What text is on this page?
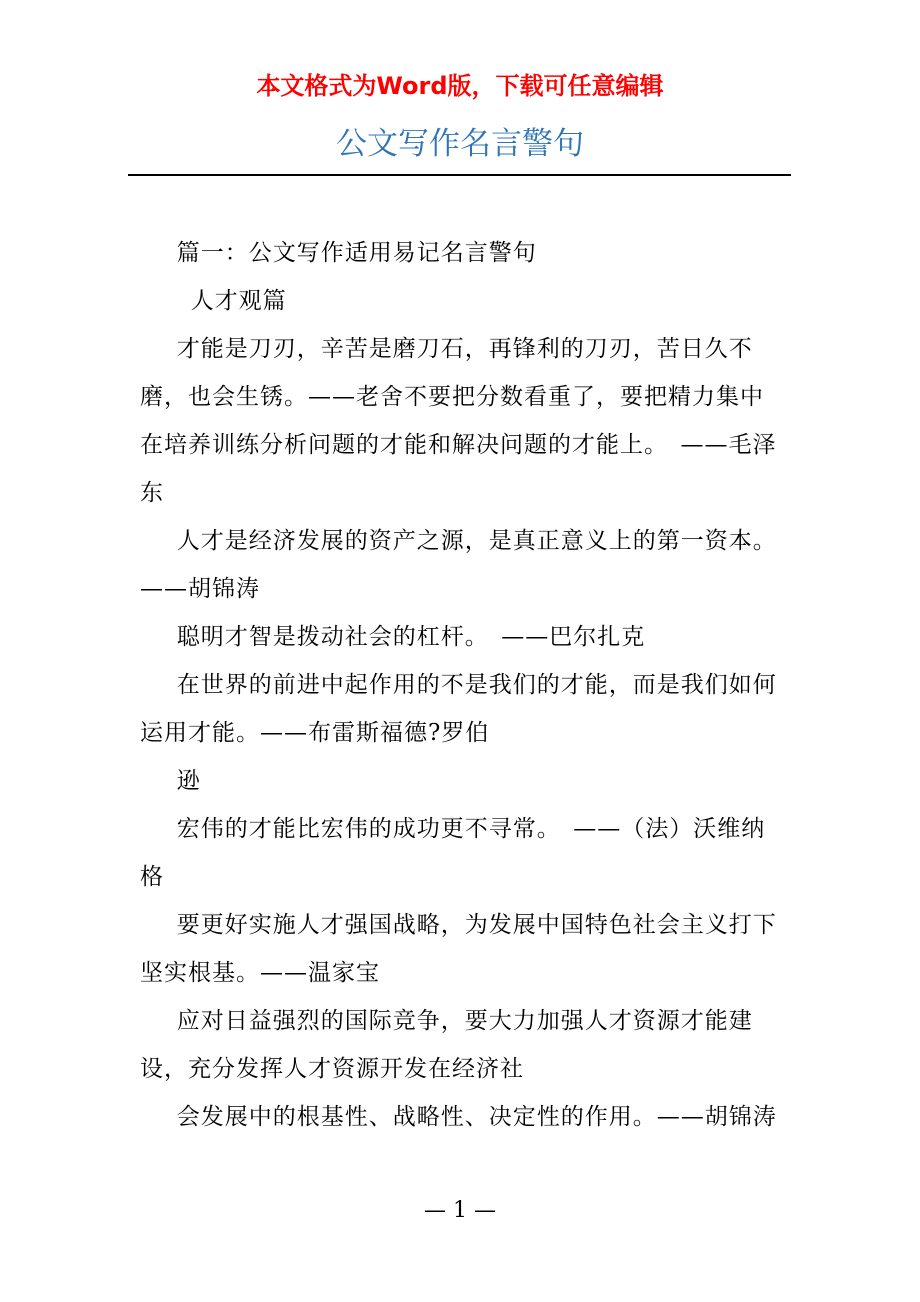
本文格式为Word版，下载可任意编辑
公文写作名言警句

篇一：公文写作适用易记名言警句

人才观篇

才能是刀刃，辛苦是磨刀石，再锋利的刀刃，苦日久不磨，也会生锈。——老舍不要把分数看重了，要把精力集中在培养训练分析问题的才能和解决问题的才能上。　——毛泽东

人才是经济发展的资产之源，是真正意义上的第一资本。——胡锦涛

聪明才智是拨动社会的杠杆。　——巴尔扎克

在世界的前进中起作用的不是我们的才能，而是我们如何运用才能。——布雷斯福德?罗伯

逊

宏伟的才能比宏伟的成功更不寻常。　——（法）沃维纳格

要更好实施人才强国战略，为发展中国特色社会主义打下坚实根基。——温家宝

应对日益强烈的国际竞争，要大力加强人才资源才能建设，充分发挥人才资源开发在经济社

会发展中的根基性、战略性、决定性的作用。——胡锦涛

— 1 —
